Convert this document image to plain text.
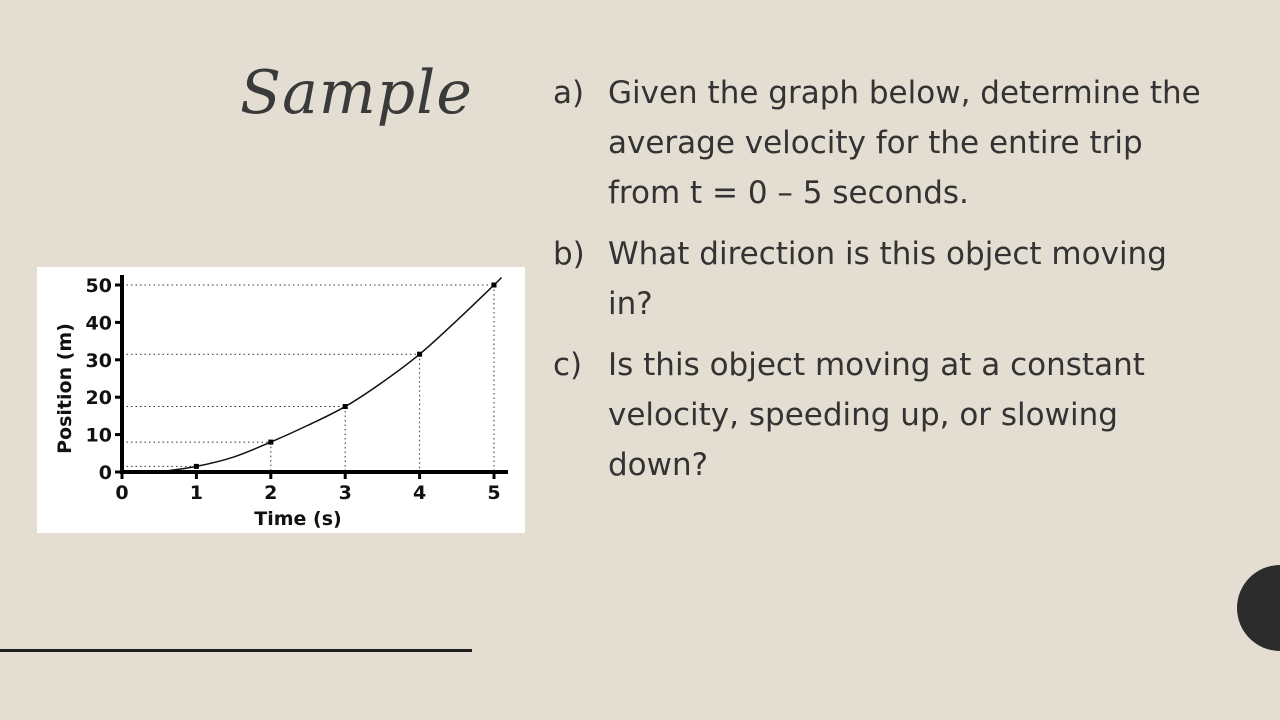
Sample
0	1	2	3	4	5
0
10
20
30
40
50
Time (s)
Position (m)
a) Given the graph below, determine the average velocity for the entire trip from t = 0 – 5 seconds.
b) What direction is this object moving in?
c) Is this object moving at a constant velocity, speeding up, or slowing down?
